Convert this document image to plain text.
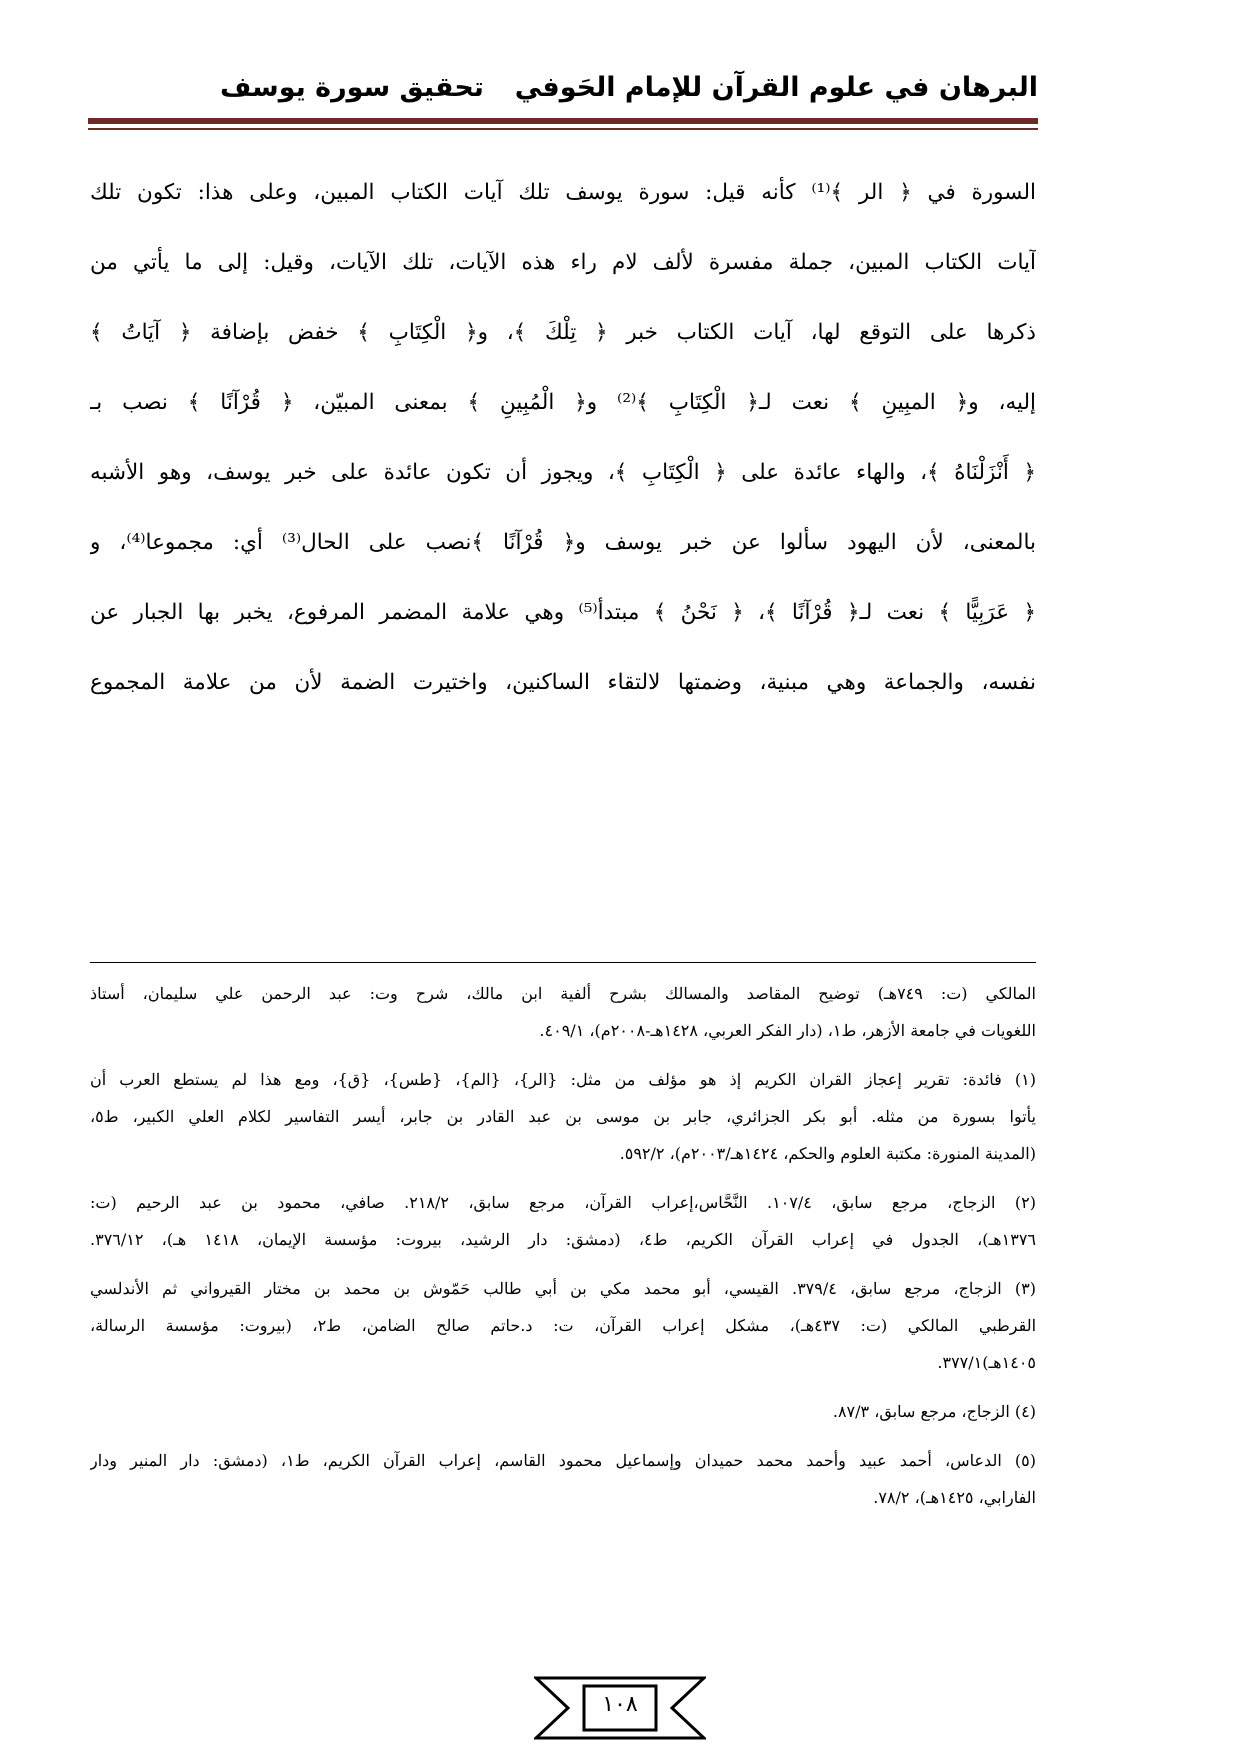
البرهان في علوم القرآن للإمام الحَوفي
تحقيق سورة يوسف
السورة في ﴿ الر ﴾⁽¹⁾ كأنه قيل: سورة يوسف تلك آيات الكتاب المبين، وعلى هذا: تكون تلك
آيات الكتاب المبين، جملة مفسرة لألف لام راء هذه الآيات، تلك الآيات، وقيل: إلى ما يأتي من
ذكرها على التوقع لها، آيات الكتاب خبر ﴿ تِلْكَ ﴾، و﴿ الْكِتَابِ ﴾ خفض بإضافة ﴿ آيَاتُ ﴾
إليه، و﴿ المبِينِ ﴾ نعت لـ﴿ الْكِتَابِ ﴾⁽²⁾ و﴿ الْمُبِينِ ﴾ بمعنى المبيّن، ﴿ قُرْآنًا ﴾ نصب بـ
﴿ أَنْزَلْنَاهُ ﴾، والهاء عائدة على ﴿ الْكِتَابِ ﴾، ويجوز أن تكون عائدة على خبر يوسف، وهو الأشبه
بالمعنى، لأن اليهود سألوا عن خبر يوسف و﴿ قُرْآنًا ﴾نصب على الحال⁽³⁾ أي: مجموعا⁽⁴⁾، و
﴿ عَرَبِيًّا ﴾ نعت لـ﴿ قُرْآنًا ﴾، ﴿ نَحْنُ ﴾ مبتدأ⁽⁵⁾ وهي علامة المضمر المرفوع، يخبر بها الجبار عن
نفسه، والجماعة وهي مبنية، وضمتها لالتقاء الساكنين، واختيرت الضمة لأن من علامة المجموع
المالكي (ت: ٧٤٩هـ) توضيح المقاصد والمسالك بشرح ألفية ابن مالك، شرح وت: عبد الرحمن علي سليمان، أستاذ
اللغويات في جامعة الأزهر، ط١، (دار الفكر العربي، ١٤٢٨هـ-٢٠٠٨م)، ٤٠٩/١.
(١) فائدة: تقرير إعجاز القران الكريم إذ هو مؤلف من مثل: {الر}، {الم}، {طس}، {ق}، ومع هذا لم يستطع العرب أن
يأتوا بسورة من مثله. أبو بكر الجزائري، جابر بن موسى بن عبد القادر بن جابر، أيسر التفاسير لكلام العلي الكبير، ط٥،
(المدينة المنورة: مكتبة العلوم والحكم، ١٤٢٤هـ/٢٠٠٣م)، ٥٩٢/٢.
(٢) الزجاج، مرجع سابق، ١٠٧/٤. النَّحَّاس،إعراب القرآن، مرجع سابق، ٢١٨/٢. صافي، محمود بن عبد الرحيم (ت:
١٣٧٦هـ)، الجدول في إعراب القرآن الكريم، ط٤، (دمشق: دار الرشيد، بيروت: مؤسسة الإيمان، ١٤١٨ هـ)، ٣٧٦/١٢.
(٣) الزجاج، مرجع سابق، ٣٧٩/٤. القيسي، أبو محمد مكي بن أبي طالب حَمّوش بن محمد بن مختار القيرواني ثم الأندلسي
القرطبي المالكي (ت: ٤٣٧هـ)، مشكل إعراب القرآن، ت: د.حاتم صالح الضامن، ط٢، (بيروت: مؤسسة الرسالة،
١٤٠٥هـ)٣٧٧/١.
(٤) الزجاج، مرجع سابق، ٨٧/٣.
(٥) الدعاس، أحمد عبيد وأحمد محمد حميدان وإسماعيل محمود القاسم، إعراب القرآن الكريم، ط١، (دمشق: دار المنير ودار
الفارابي، ١٤٢٥هـ)، ٧٨/٢.
١٠٨
